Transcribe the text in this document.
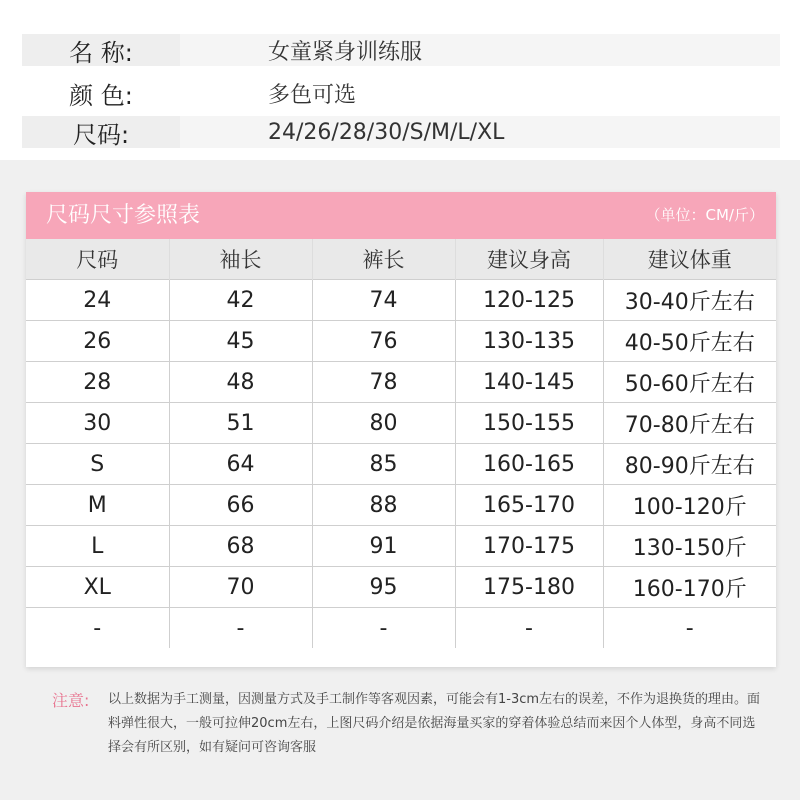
名 称:	女童紧身训练服
颜 色:	多色可选
尺码:	24/26/28/30/S/M/L/XL
尺码尺寸参照表	（单位：CM/斤）
尺码	袖长	裤长	建议身高	建议体重
24	42	74	120-125	30-40斤左右
26	45	76	130-135	40-50斤左右
28	48	78	140-145	50-60斤左右
30	51	80	150-155	70-80斤左右
S	64	85	160-165	80-90斤左右
M	66	88	165-170	100-120斤
L	68	91	170-175	130-150斤
XL	70	95	175-180	160-170斤
-	-	-	-	-
注意: 以上数据为手工测量，因测量方式及手工制作等客观因素，可能会有1-3cm左右的误差，不作为退换货的理由。面料弹性很大，一般可拉伸20cm左右，上图尺码介绍是依据海量买家的穿着体验总结而来因个人体型，身高不同选择会有所区别，如有疑问可咨询客服
